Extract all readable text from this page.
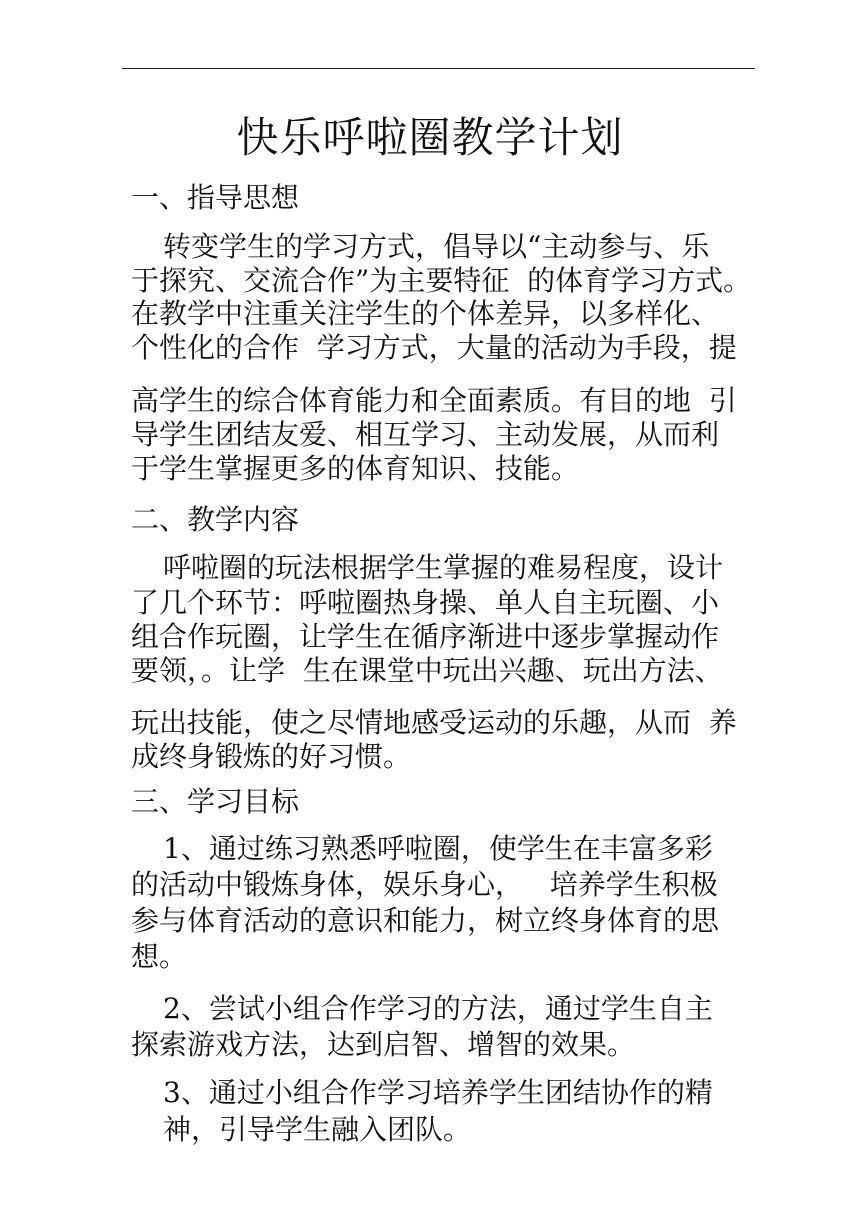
快乐呼啦圈教学计划
一、指导思想
转变学生的学习方式，倡导以“主动参与、乐
于探究、交流合作”为主要特征  的体育学习方式。
在教学中注重关注学生的个体差异，以多样化、
个性化的合作  学习方式，大量的活动为手段，提
高学生的综合体育能力和全面素质。有目的地  引
导学生团结友爱、相互学习、主动发展，从而利
于学生掌握更多的体育知识、技能。
二、教学内容
呼啦圈的玩法根据学生掌握的难易程度，设计
了几个环节：呼啦圈热身操、单人自主玩圈、小
组合作玩圈，让学生在循序渐进中逐步掌握动作
要领，。让学  生在课堂中玩出兴趣、玩出方法、
玩出技能，使之尽情地感受运动的乐趣，从而  养
成终身锻炼的好习惯。
三、学习目标
1、通过练习熟悉呼啦圈，使学生在丰富多彩
的活动中锻炼身体，娱乐身心，   培养学生积极
参与体育活动的意识和能力，树立终身体育的思
想。
2、尝试小组合作学习的方法，通过学生自主
探索游戏方法，达到启智、增智的效果。
3、通过小组合作学习培养学生团结协作的精
神，引导学生融入团队。
